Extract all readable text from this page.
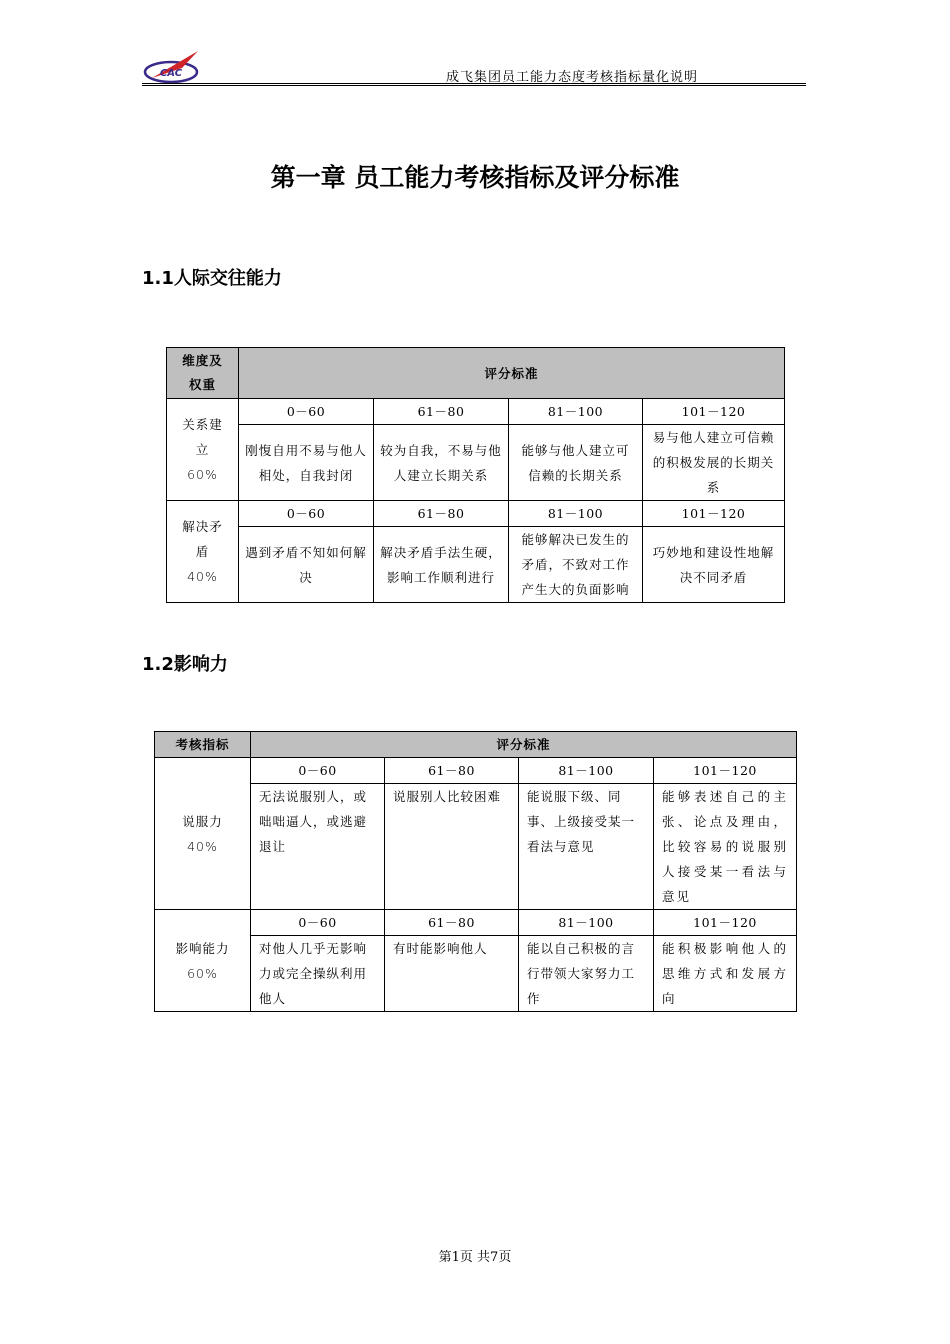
CAC	成飞集团员工能力态度考核指标量化说明
第一章 员工能力考核指标及评分标准
1.1人际交往能力
维度及权重	评分标准			

关系建立
60%	0－60	61－80	81－100	101－120
	刚愎自用不易与他人相处，自我封闭	较为自我，不易与他人建立长期关系	能够与他人建立可信赖的长期关系	易与他人建立可信赖的积极发展的长期关系

解决矛盾
40%	0－60	61－80	81－100	101－120
	遇到矛盾不知如何解决	解决矛盾手法生硬，影响工作顺利进行	能够解决已发生的矛盾，不致对工作产生大的负面影响	巧妙地和建设性地解决不同矛盾
1.2影响力
考核指标	评分标准			

说服力
40%	0－60	61－80	81－100	101－120
	无法说服别人，或咄咄逼人，或逃避退让	说服别人比较困难	能说服下级、同事、上级接受某一看法与意见	能够表述自己的主张、论点及理由，比较容易的说服别人接受某一看法与意见

影响能力
60%	0－60	61－80	81－100	101－120
	对他人几乎无影响力或完全操纵利用他人	有时能影响他人	能以自己积极的言行带领大家努力工作	能积极影响他人的思维方式和发展方向
第1页 共7页
